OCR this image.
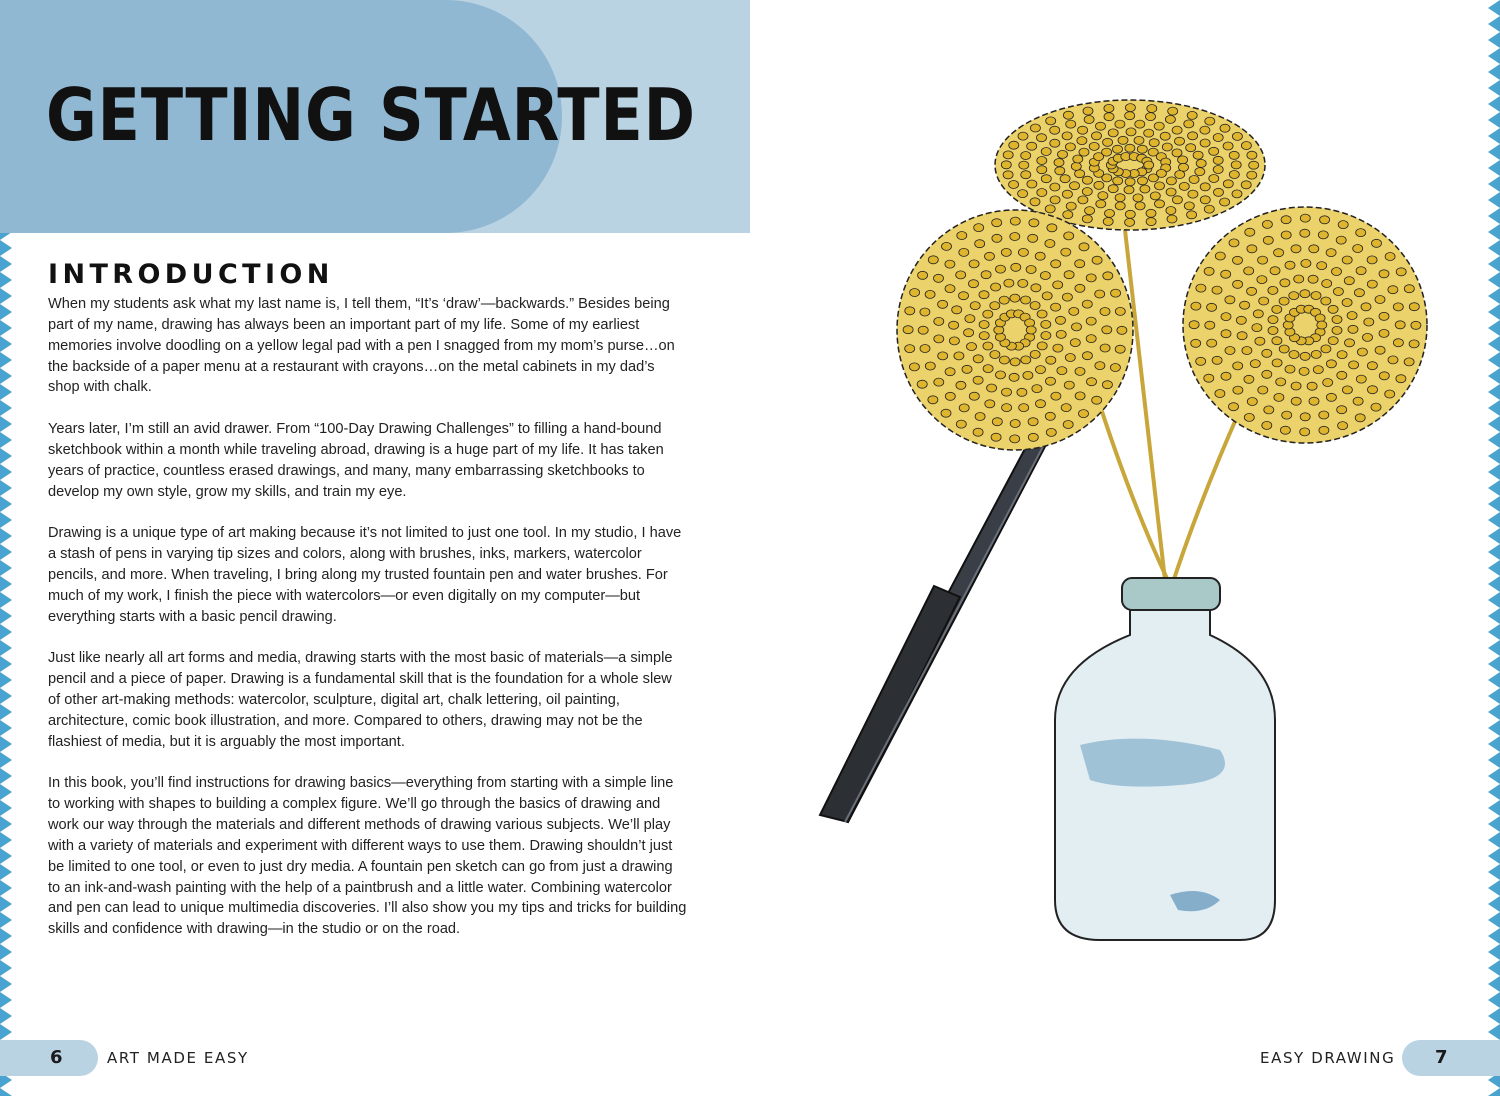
GETTING STARTED
INTRODUCTION

When my students ask what my last name is, I tell them, “It’s ‘draw’—backwards.” Besides being part of my name, drawing has always been an important part of my life. Some of my earliest memories involve doodling on a yellow legal pad with a pen I snagged from my mom’s purse…on the backside of a paper menu at a restaurant with crayons…on the metal cabinets in my dad’s shop with chalk.

Years later, I’m still an avid drawer. From “100-Day Drawing Challenges” to filling a hand-bound sketchbook within a month while traveling abroad, drawing is a huge part of my life. It has taken years of practice, countless erased drawings, and many, many embarrassing sketchbooks to develop my own style, grow my skills, and train my eye.

Drawing is a unique type of art making because it’s not limited to just one tool. In my studio, I have a stash of pens in varying tip sizes and colors, along with brushes, inks, markers, watercolor pencils, and more. When traveling, I bring along my trusted fountain pen and water brushes. For much of my work, I finish the piece with watercolors—or even digitally on my computer—but everything starts with a basic pencil drawing.

Just like nearly all art forms and media, drawing starts with the most basic of materials—a simple pencil and a piece of paper. Drawing is a fundamental skill that is the foundation for a whole slew of other art-making methods: watercolor, sculpture, digital art, chalk lettering, oil painting, architecture, comic book illustration, and more. Compared to others, drawing may not be the flashiest of media, but it is arguably the most important.

In this book, you’ll find instructions for drawing basics—everything from starting with a simple line to working with shapes to building a complex figure. We’ll go through the basics of drawing and work our way through the materials and different methods of drawing various subjects. We’ll play with a variety of materials and experiment with different ways to use them. Drawing shouldn’t just be limited to one tool, or even to just dry media. A fountain pen sketch can go from just a drawing to an ink-and-wash painting with the help of a paintbrush and a little water. Combining watercolor and pen can lead to unique multimedia discoveries. I’ll also show you my tips and tricks for building skills and confidence with drawing—in the studio or on the road.

6	ART MADE EASY	EASY DRAWING	7
